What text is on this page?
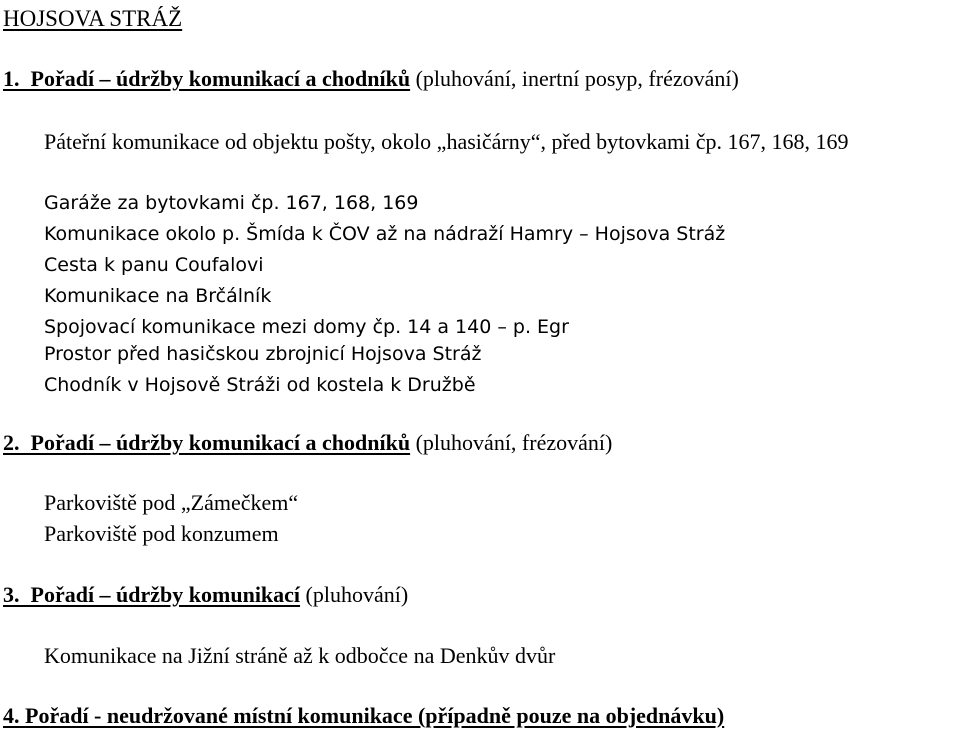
HOJSOVA STRÁŽ
1. Pořadí – údržby komunikací a chodníků (pluhování, inertní posyp, frézování)
Páteřní komunikace od objektu pošty, okolo „hasičárny“, před bytovkami čp. 167, 168, 169
Garáže za bytovkami čp. 167, 168, 169
Komunikace okolo p. Šmída k ČOV až na nádraží Hamry – Hojsova Stráž
Cesta k panu Coufalovi
Komunikace na Brčálník
Spojovací komunikace mezi domy čp. 14 a 140 – p. Egr
Prostor před hasičskou zbrojnicí Hojsova Stráž
Chodník v Hojsově Stráži od kostela k Družbě
2. Pořadí – údržby komunikací a chodníků (pluhování, frézování)
Parkoviště pod „Zámečkem“
Parkoviště pod konzumem
3. Pořadí – údržby komunikací (pluhování)
Komunikace na Jižní stráně až k odbočce na Denkův dvůr
4. Pořadí - neudržované místní komunikace (případně pouze na objednávku)
